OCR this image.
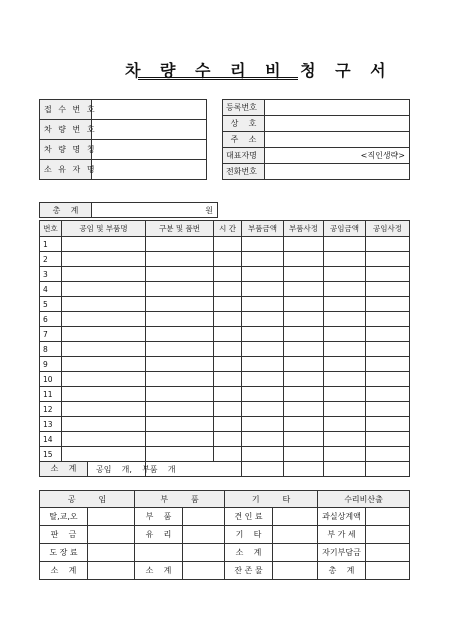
차 량 수 리 비 청 구 서
접 수 번 호	
차 량 번 호	
차 량 명 칭	
소 유 자 명	
등록번호	
상    호	
주    소	
대표자명	<직인생략>
전화번호	
총    계	원
번호	공임 및 부품명	구분 및 품번	시 간	부품금액	부품사정	공임금액	공임사정
1							
2							
3							
4							
5							
6							
7							
8							
9							
10							
11							
12							
13							
14							
15							

소    계		공임    개,    부품    개					
공         임		부         품		기         타		수리비산출	
탈,교,오		부    품		견 인 료		과실상계액	
판    금		유    리		기    타		부 가 세	
도 장 료				소    계		자기부담금	
소    계		소    계		잔 존 물		총    계	
